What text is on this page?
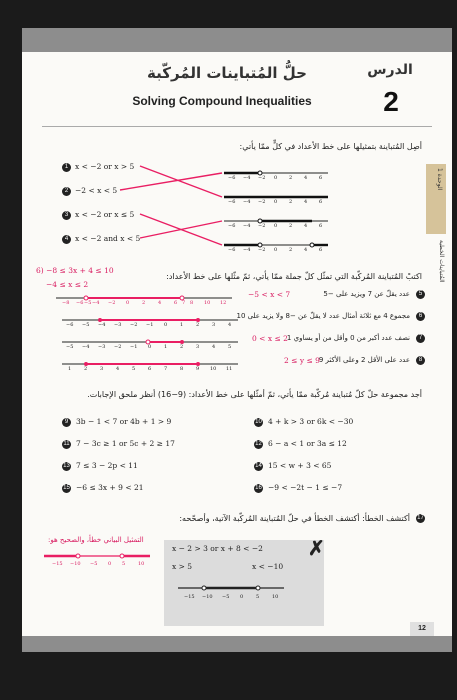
حلُّ المُتباينات المُركّبة
Solving Compound Inequalities
الدرس
2
الوحدة 1
المُتباينات الخطية
أصِل المُتباينة بتمثيلها على خط الأعداد في كلٍّ ممّا يأتي:
1 x < −2 or x > 5
2 −2 < x < 5
3 x < −2 or x ≤ 5
4 x < −2 and x < 5
−6 −4 −2 0 2 4 6
−6 −4 −2 0 2 4 6
−6 −4 −2 0 2 4 6
−6 −4 −2 0 2 4 6
6) −8 ≤ 3x + 4 ≤ 10
−4 ≤ x ≤ 2
اكتبْ المُتباينة المُركّبة التي تمثّل كلّ جملة ممّا يأتي، ثمّ مثّلها على خط الأعداد:
5
عدد يقلّ عن 7 ويزيد على −5
−5 < x < 7
6
مجموع 4 مع ثلاثة أمثال عدد لا يقلّ عن −8 ولا يزيد على 10
7
نصف عدد أكبر من 0 وأقل من أو يساوي 1
0 < x ≤ 2
8
عدد على الأقل 2 وعلى الأكثر 9
2 ≤ y ≤ 9
−8 −6 −5 −4 −2 0	2	4	6 7 8 10 12
−6 −5 −4 −3 −2 −1 0	1	2	3	4
−5 −4 −3 −2 −1 0	1	2	3	4	5
1	2	3	4	5	6	7	8	9 10 11
أجد مجموعة حلّ كلّ مُتباينة مُركّبة ممّا يأتي، ثمّ أمثّلها على خط الأعداد: (9−16) أنظر ملحق الإجابات.
9	3b − 1 < 7 or 4b + 1 > 9	10 4 + k > 3 or 6k < −30
11 7 − 3c ≥ 1 or 5c + 2 ≥ 17	12 6 − a < 1 or 3a ≤ 12
13 7 ≤ 3 − 2p < 11	14 15 < w + 3 < 65
15 −6 ≤ 3x + 9 < 21	16 −9 < −2t − 1 ≤ −7
17
أكتشف الخطأ: أكتشف الخطأ في حلّ المُتباينة المُركّبة الآتية، وأصحّحه:
التمثيل البياني خطأ، والصحيح هو:
−15 −10 −5 0 5	10
x − 2 > 3 or x + 8 < −2
x > 5	x < −10
✗
−15 −10 −5 0	5	10
12
